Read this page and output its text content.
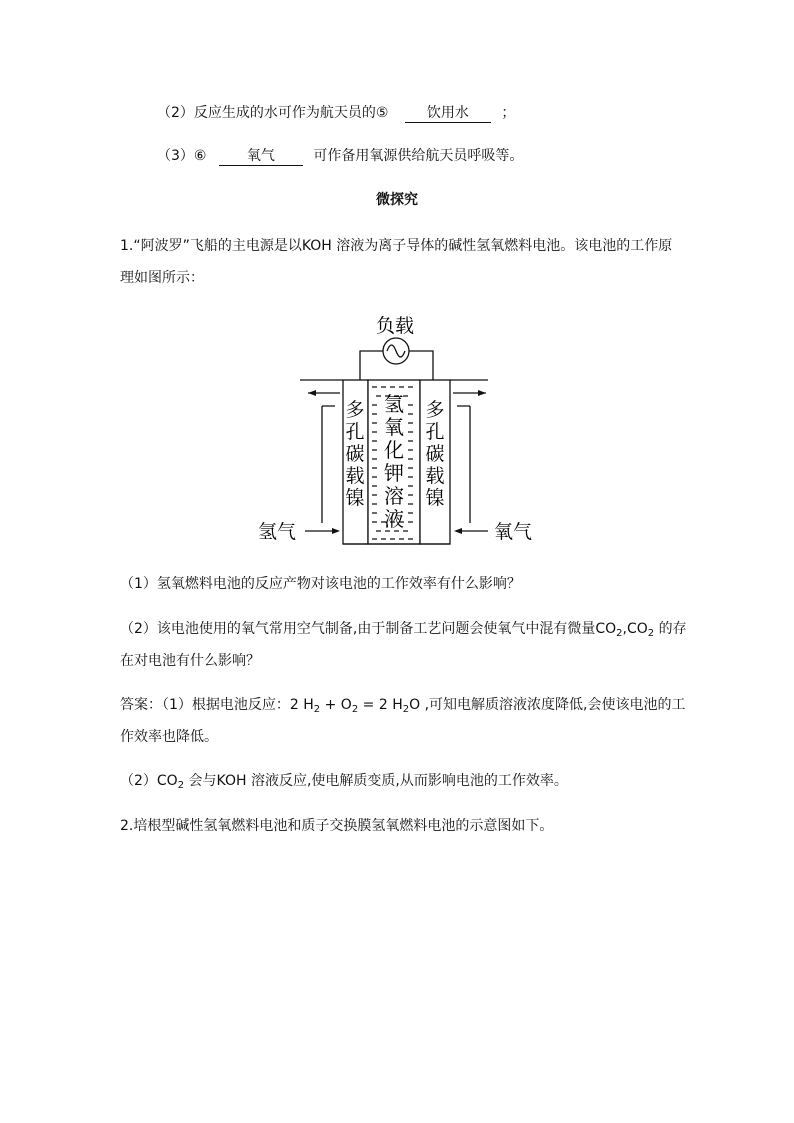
（2）反应生成的水可作为航天员的⑤	饮用水 ；
（3）⑥	氧气	可作备用氧源供给航天员呼吸等。
微探究
1.“阿波罗”飞船的主电源是以KOH 溶液为离子导体的碱性氢氧燃料电池。该电池的工作原
理如图所示：
负载
多孔碳载镍
氢氧化钾溶液
多孔碳载镍
氢气	氧气
（1）氢氧燃料电池的反应产物对该电池的工作效率有什么影响？
（2）该电池使用的氧气常用空气制备,由于制备工艺问题会使氧气中混有微量$CO_2,CO_2$ 的存
在对电池有什么影响？
答案：（1）根据电池反应：2 $H_2 + O_2 = 2$ $H_2O$ ,可知电解质溶液浓度降低,会使该电池的工
作效率也降低。
$(2)CO_2$ 会与KOH 溶液反应,使电解质变质,从而影响电池的工作效率。
2.培根型碱性氢氧燃料电池和质子交换膜氢氧燃料电池的示意图如下。
